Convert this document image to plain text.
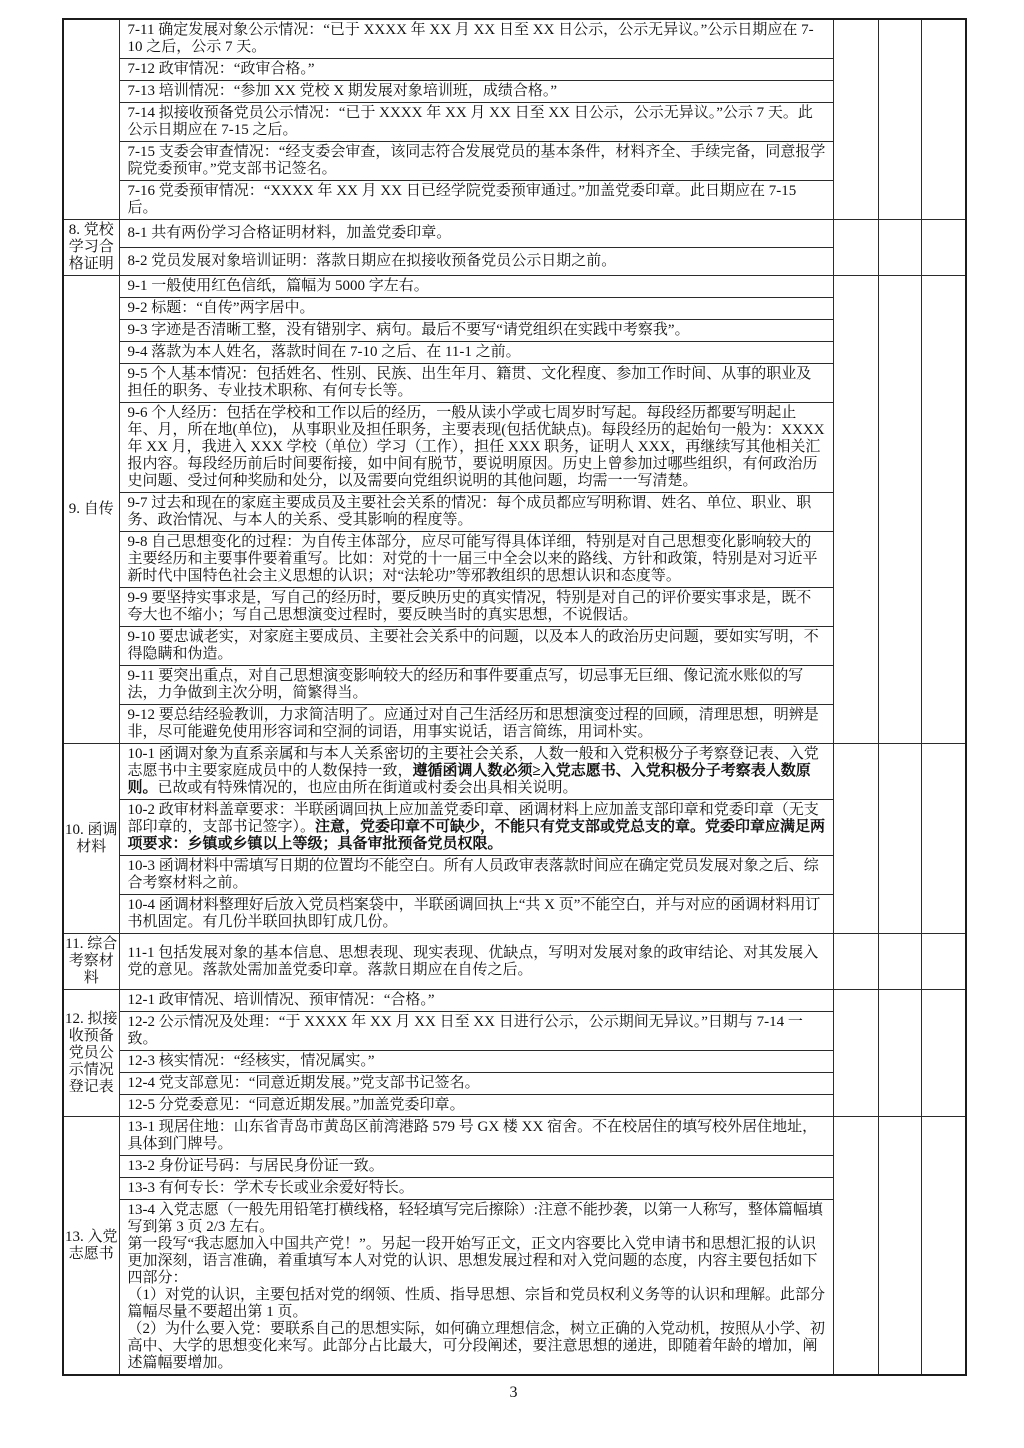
	7-11 确定发展对象公示情况：“已于 XXXX 年 XX 月 XX 日至 XX 日公示，公示无异议。”公示日期应在 7-10 之后，公示 7 天。			

	7-12 政审情况：“政审合格。”			

	7-13 培训情况：“参加 XX 党校 X 期发展对象培训班，成绩合格。”			

	7-14 拟接收预备党员公示情况：“已于 XXXX 年 XX 月 XX 日至 XX 日公示，公示无异议。”公示 7 天。此公示日期应在 7-15 之后。			

	7-15 支委会审查情况：“经支委会审查，该同志符合发展党员的基本条件，材料齐全、手续完备，同意报学院党委预审。”党支部书记签名。			

	7-16 党委预审情况：“XXXX 年 XX 月 XX 日已经学院党委预审通过。”加盖党委印章。此日期应在 7-15 后。			

8. 党校学习合格证明	8-1 共有两份学习合格证明材料，加盖党委印章。			

	8-2 党员发展对象培训证明：落款日期应在拟接收预备党员公示日期之前。			

9. 自传	9-1 一般使用红色信纸，篇幅为 5000 字左右。			

	9-2 标题：“自传”两字居中。			

	9-3 字迹是否清晰工整，没有错别字、病句。最后不要写“请党组织在实践中考察我”。			

	9-4 落款为本人姓名，落款时间在 7-10 之后、在 11-1 之前。			

	9-5 个人基本情况：包括姓名、性别、民族、出生年月、籍贯、文化程度、参加工作时间、从事的职业及担任的职务、专业技术职称、有何专长等。			

	9-6 个人经历：包括在学校和工作以后的经历，一般从读小学或七周岁时写起。每段经历都要写明起止年、月，所在地(单位)， 从事职业及担任职务，主要表现(包括优缺点)。每段经历的起始句一般为：XXXX 年 XX 月，我进入 XXX 学校（单位）学习（工作），担任 XXX 职务，证明人 XXX，再继续写其他相关汇报内容。每段经历前后时间要衔接，如中间有脱节，要说明原因。历史上曾参加过哪些组织，有何政治历史问题、受过何种奖励和处分，以及需要向党组织说明的其他问题，均需一一写清楚。			

	9-7 过去和现在的家庭主要成员及主要社会关系的情况：每个成员都应写明称谓、姓名、单位、职业、职务、政治情况、与本人的关系、受其影响的程度等。			

	9-8 自己思想变化的过程：为自传主体部分，应尽可能写得具体详细，特别是对自己思想变化影响较大的主要经历和主要事件要着重写。比如：对党的十一届三中全会以来的路线、方针和政策，特别是对习近平新时代中国特色社会主义思想的认识；对“法轮功”等邪教组织的思想认识和态度等。			

	9-9 要坚持实事求是，写自己的经历时，要反映历史的真实情况，特别是对自己的评价要实事求是，既不夸大也不缩小；写自己思想演变过程时，要反映当时的真实思想，不说假话。			

	9-10 要忠诚老实，对家庭主要成员、主要社会关系中的问题，以及本人的政治历史问题，要如实写明，不得隐瞒和伪造。			

	9-11 要突出重点，对自己思想演变影响较大的经历和事件要重点写，切忌事无巨细、像记流水账似的写法，力争做到主次分明，简繁得当。			

	9-12 要总结经验教训，力求简洁明了。应通过对自己生活经历和思想演变过程的回顾，清理思想，明辨是非，尽可能避免使用形容词和空洞的词语，用事实说话，语言简练，用词朴实。			

10. 函调材料	10-1 函调对象为直系亲属和与本人关系密切的主要社会关系，人数一般和入党积极分子考察登记表、入党志愿书中主要家庭成员中的人数保持一致，遵循函调人数必须≥入党志愿书、入党积极分子考察表人数原则。已故或有特殊情况的，也应由所在街道或村委会出具相关说明。			

	10-2 政审材料盖章要求：半联函调回执上应加盖党委印章、函调材料上应加盖支部印章和党委印章（无支部印章的，支部书记签字）。注意，党委印章不可缺少，不能只有党支部或党总支的章。党委印章应满足两项要求：乡镇或乡镇以上等级；具备审批预备党员权限。			

	10-3 函调材料中需填写日期的位置均不能空白。所有人员政审表落款时间应在确定党员发展对象之后、综合考察材料之前。			

	10-4 函调材料整理好后放入党员档案袋中，半联函调回执上“共 X 页”不能空白，并与对应的函调材料用订书机固定。有几份半联回执即钉成几份。			

11. 综合考察材料	11-1 包括发展对象的基本信息、思想表现、现实表现、优缺点，写明对发展对象的政审结论、对其发展入党的意见。落款处需加盖党委印章。落款日期应在自传之后。			

12. 拟接收预备党员公示情况登记表	12-1 政审情况、培训情况、预审情况：“合格。”			

	12-2 公示情况及处理：“于 XXXX 年 XX 月 XX 日至 XX 日进行公示，公示期间无异议。”日期与 7-14 一致。			

	12-3 核实情况：“经核实，情况属实。”			

	12-4 党支部意见：“同意近期发展。”党支部书记签名。			

	12-5 分党委意见：“同意近期发展。”加盖党委印章。			

13. 入党志愿书	13-1 现居住地：山东省青岛市黄岛区前湾港路 579 号 GX 楼 XX 宿舍。不在校居住的填写校外居住地址，具体到门牌号。			

	13-2 身份证号码：与居民身份证一致。			

	13-3 有何专长：学术专长或业余爱好特长。			

	13-4 入党志愿（一般先用铅笔打横线格，轻轻填写完后擦除）:注意不能抄袭，以第一人称写，整体篇幅填写到第 3 页 2/3 左右。
第一段写“我志愿加入中国共产党！”。另起一段开始写正文，正文内容要比入党申请书和思想汇报的认识更加深刻，语言准确，着重填写本人对党的认识、思想发展过程和对入党问题的态度，内容主要包括如下四部分：
（1）对党的认识，主要包括对党的纲领、性质、指导思想、宗旨和党员权利义务等的认识和理解。此部分篇幅尽量不要超出第 1 页。
（2）为什么要入党：要联系自己的思想实际，如何确立理想信念，树立正确的入党动机，按照从小学、初高中、大学的思想变化来写。此部分占比最大，可分段阐述，要注意思想的递进，即随着年龄的增加，阐述篇幅要增加。			
3
